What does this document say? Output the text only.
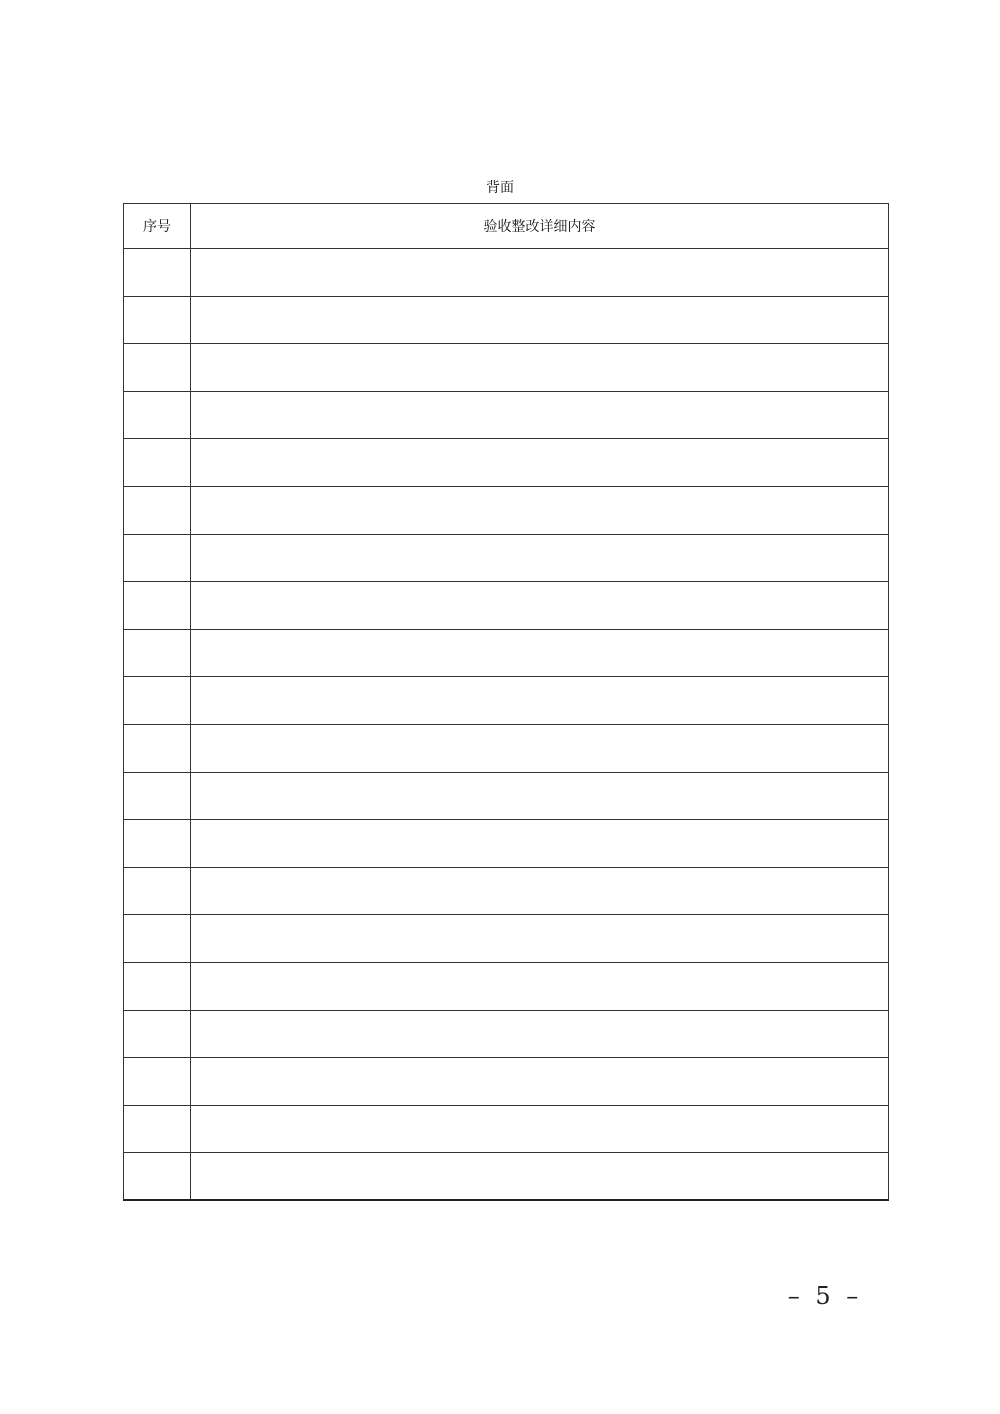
背面
序号	验收整改详细内容

– 5 –
